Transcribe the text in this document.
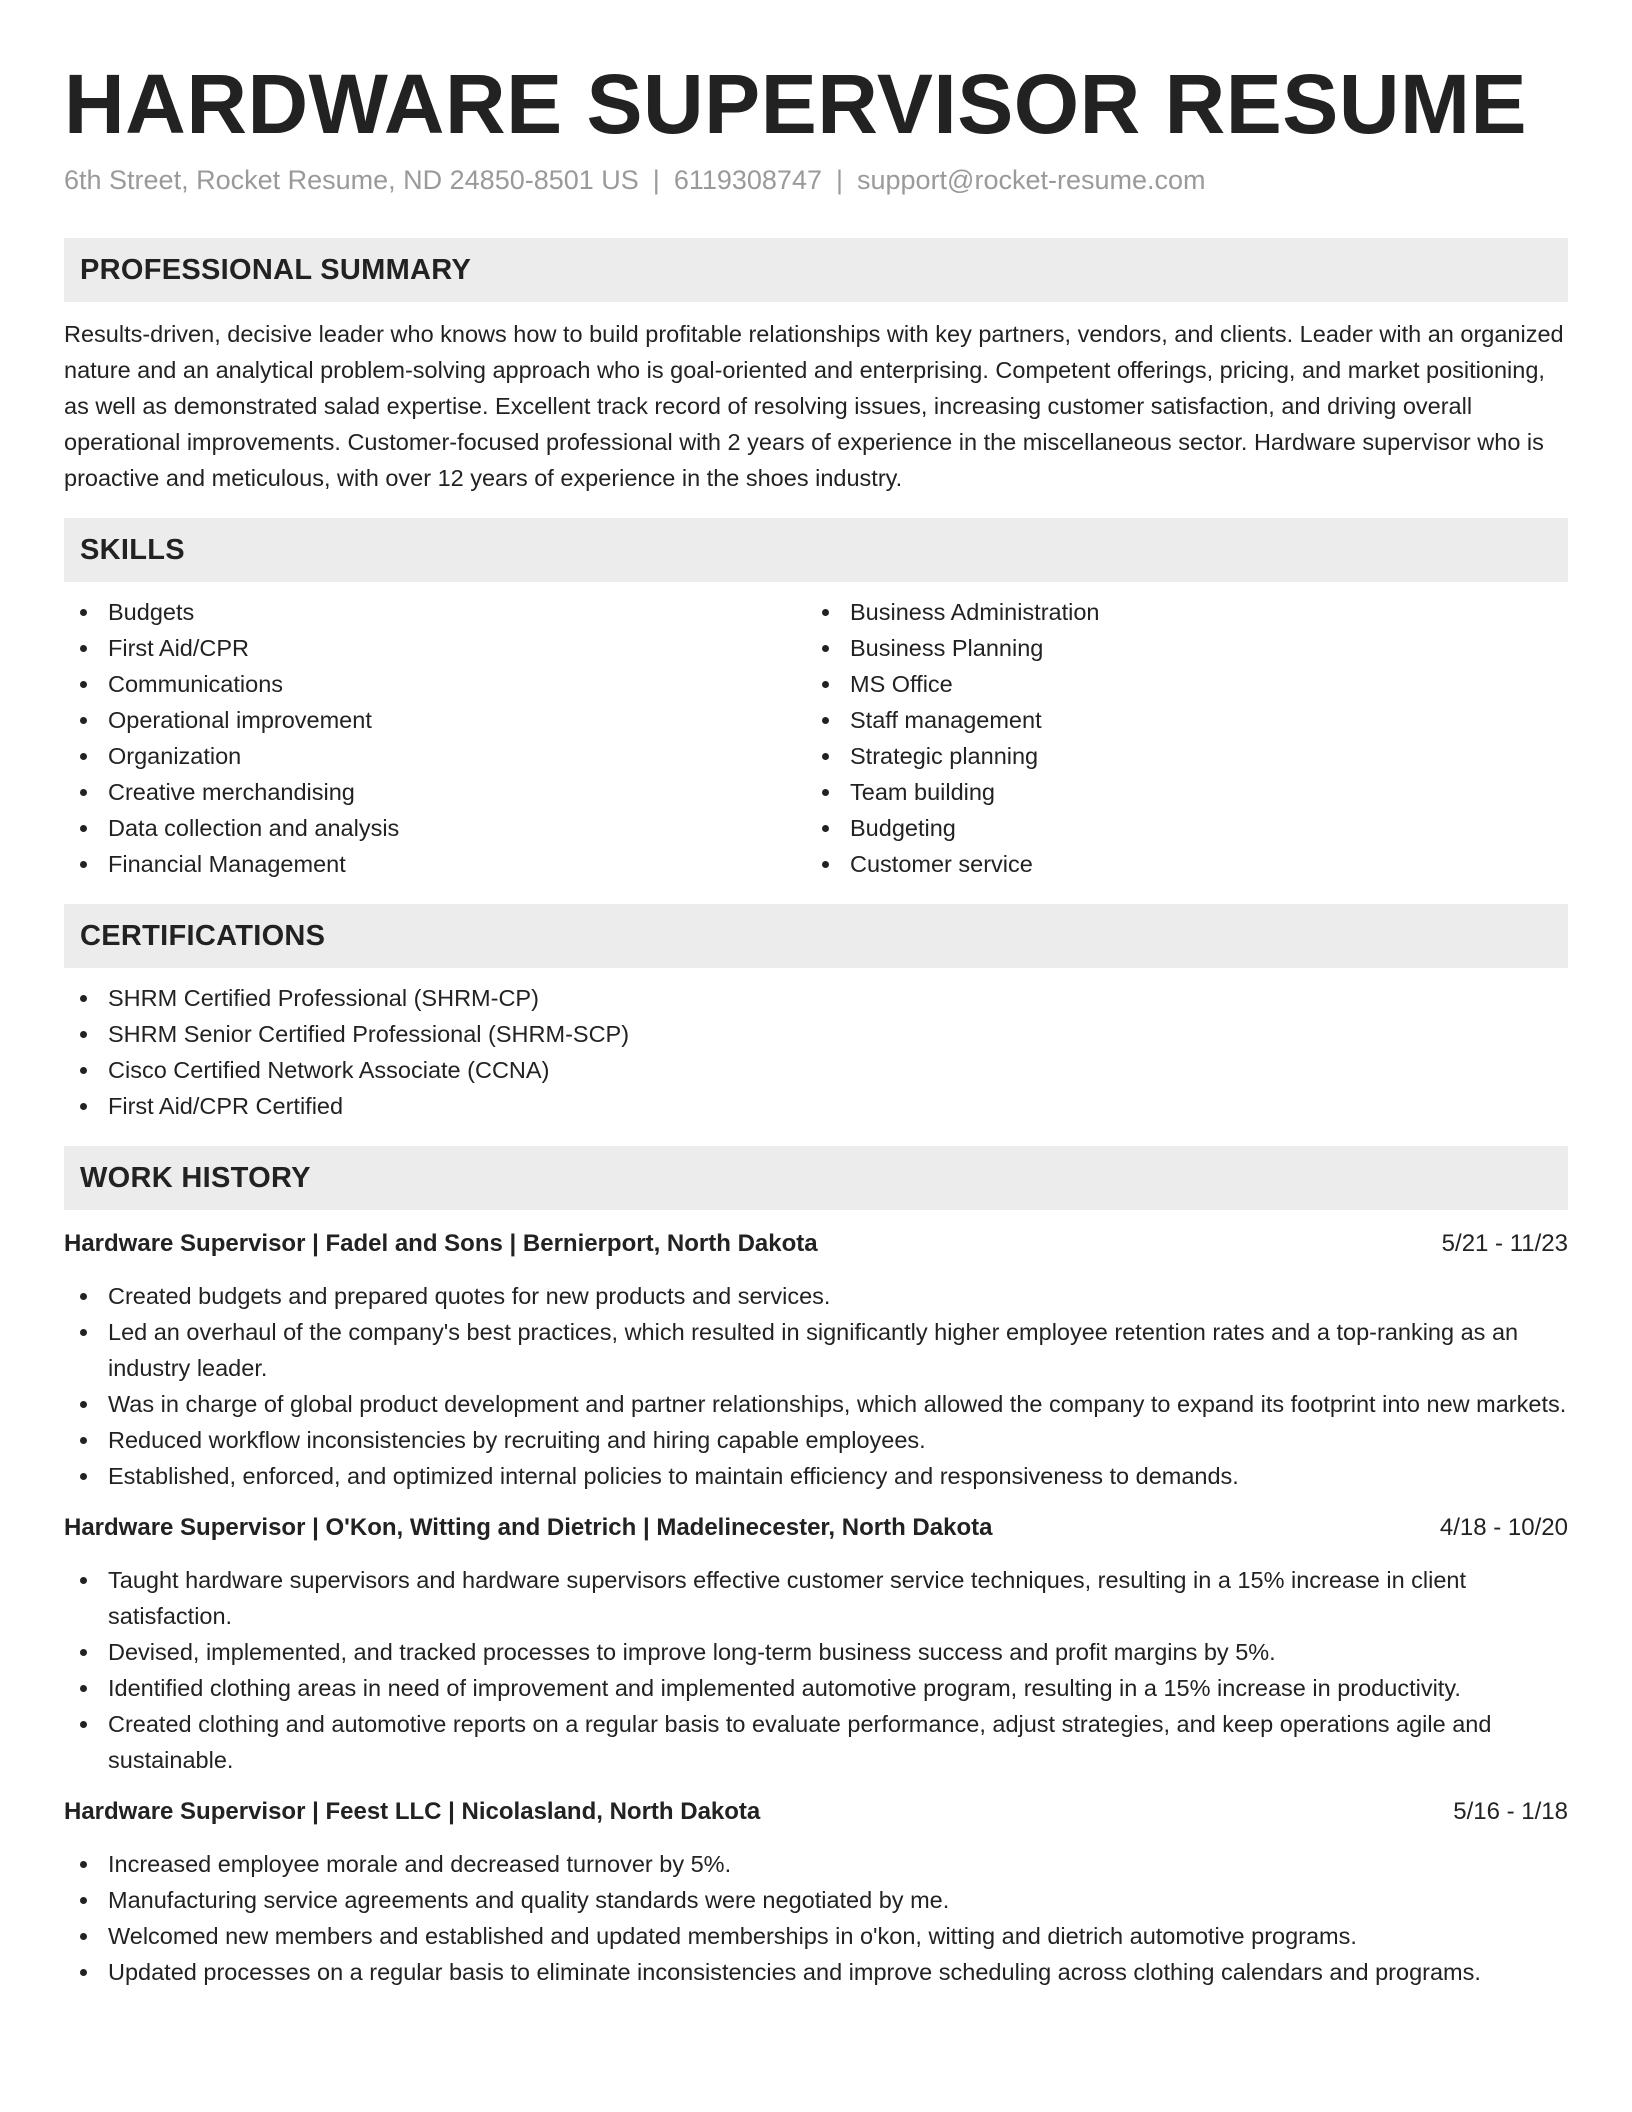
HARDWARE SUPERVISOR RESUME
6th Street, Rocket Resume, ND 24850-8501 US | 6119308747 | support@rocket-resume.com
PROFESSIONAL SUMMARY

Results-driven, decisive leader who knows how to build profitable relationships with key partners, vendors, and clients. Leader with an organized nature and an analytical problem-solving approach who is goal-oriented and enterprising. Competent offerings, pricing, and market positioning, as well as demonstrated salad expertise. Excellent track record of resolving issues, increasing customer satisfaction, and driving overall operational improvements. Customer-focused professional with 2 years of experience in the miscellaneous sector. Hardware supervisor who is proactive and meticulous, with over 12 years of experience in the shoes industry.

SKILLS
Budgets
First Aid/CPR
Communications
Operational improvement
Organization
Creative merchandising
Data collection and analysis
Financial Management
Business Administration
Business Planning
MS Office
Staff management
Strategic planning
Team building
Budgeting
Customer service
CERTIFICATIONS
SHRM Certified Professional (SHRM-CP)
SHRM Senior Certified Professional (SHRM-SCP)
Cisco Certified Network Associate (CCNA)
First Aid/CPR Certified
WORK HISTORY
Hardware Supervisor | Fadel and Sons | Bernierport, North Dakota	5/21 - 11/23
Created budgets and prepared quotes for new products and services.
Led an overhaul of the company's best practices, which resulted in significantly higher employee retention rates and a top-ranking as an industry leader.
Was in charge of global product development and partner relationships, which allowed the company to expand its footprint into new markets.
Reduced workflow inconsistencies by recruiting and hiring capable employees.
Established, enforced, and optimized internal policies to maintain efficiency and responsiveness to demands.
Hardware Supervisor | O'Kon, Witting and Dietrich | Madelinecester, North Dakota	4/18 - 10/20
Taught hardware supervisors and hardware supervisors effective customer service techniques, resulting in a 15% increase in client satisfaction.
Devised, implemented, and tracked processes to improve long-term business success and profit margins by 5%.
Identified clothing areas in need of improvement and implemented automotive program, resulting in a 15% increase in productivity.
Created clothing and automotive reports on a regular basis to evaluate performance, adjust strategies, and keep operations agile and sustainable.
Hardware Supervisor | Feest LLC | Nicolasland, North Dakota	5/16 - 1/18
Increased employee morale and decreased turnover by 5%.
Manufacturing service agreements and quality standards were negotiated by me.
Welcomed new members and established and updated memberships in o'kon, witting and dietrich automotive programs.
Updated processes on a regular basis to eliminate inconsistencies and improve scheduling across clothing calendars and programs.
